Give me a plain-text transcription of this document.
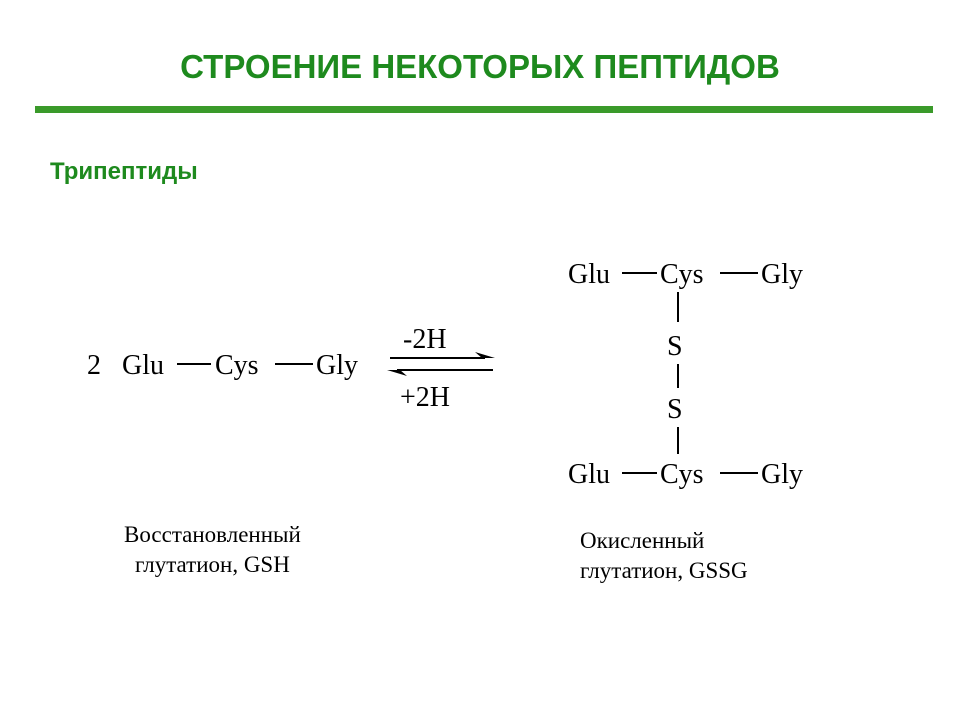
СТРОЕНИЕ НЕКОТОРЫХ ПЕПТИДОВ
Трипептиды
2 Glu Cys Gly
-2H
+2H
Glu Cys Gly
S
S
Glu Cys Gly
Восстановленный
глутатион, GSH
Окисленный
глутатион, GSSG
